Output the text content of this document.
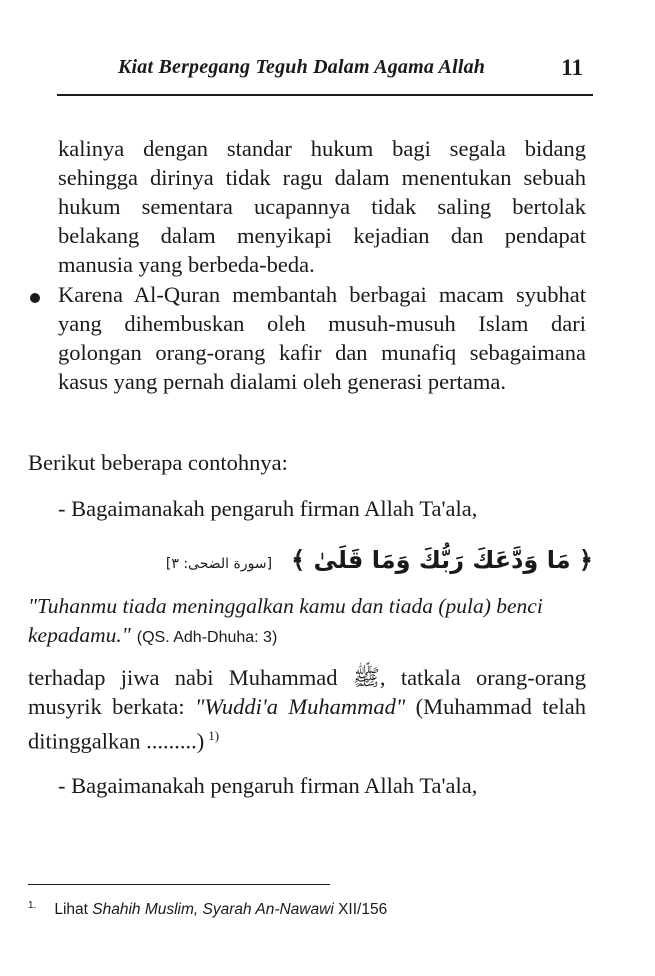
Kiat Berpegang Teguh Dalam Agama Allah	11
kalinya dengan standar hukum bagi segala bidang sehingga dirinya tidak ragu dalam menentukan sebuah hukum sementara ucapannya tidak saling bertolak belakang dalam menyikapi kejadian dan pendapat manusia yang berbeda-beda.
Karena Al-Quran membantah berbagai macam syubhat yang dihembuskan oleh musuh-musuh Islam dari golongan orang-orang kafir dan munafiq sebagaimana kasus yang pernah dialami oleh generasi pertama.
Berikut beberapa contohnya:
- Bagaimanakah pengaruh firman Allah Ta'ala,
﴿ مَا وَدَّعَكَ رَبُّكَ وَمَا قَلَىٰ ﴾ [سورة الضحى: ٣]
"Tuhanmu tiada meninggalkan kamu dan tiada (pula) benci kepadamu." (QS. Adh-Dhuha: 3)
terhadap jiwa nabi Muhammad ﷺ, tatkala orang-orang musyrik berkata: "Wuddi'a Muhammad" (Muhammad telah ditinggalkan .........) $^{1)}$
- Bagaimanakah pengaruh firman Allah Ta'ala,
$^{1.}$ Lihat Shahih Muslim, Syarah An-Nawawi XII/156
